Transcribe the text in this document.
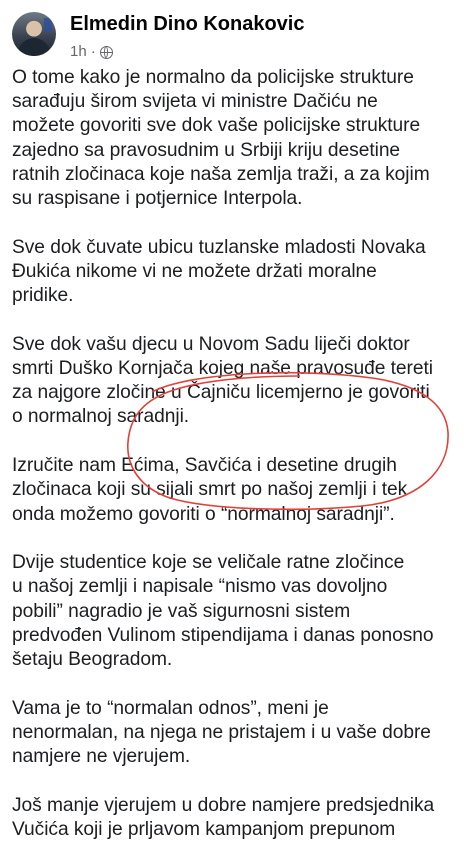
Elmedin Dino Konakovic
1h ·

O tome kako je normalno da policijske strukture
sarađuju širom svijeta vi ministre Dačiću ne
možete govoriti sve dok vaše policijske strukture
zajedno sa pravosudnim u Srbiji kriju desetine
ratnih zločinaca koje naša zemlja traži, a za kojim
su raspisane i potjernice Interpola.

Sve dok čuvate ubicu tuzlanske mladosti Novaka
Đukića nikome vi ne možete držati moralne
pridike.

Sve dok vašu djecu u Novom Sadu liječi doktor
smrti Duško Kornjača kojeg naše pravosuđe tereti
za najgore zločine u Čajniču licemjerno je govoriti
o normalnoj saradnji.

Izručite nam Ećima, Savčića i desetine drugih
zločinaca koji su sijali smrt po našoj zemlji i tek
onda možemo govoriti o “normalnoj saradnji”.

Dvije studentice koje se veličale ratne zločince
u našoj zemlji i napisale “nismo vas dovoljno
pobili” nagradio je vaš sigurnosni sistem
predvođen Vulinom stipendijama i danas ponosno
šetaju Beogradom.

Vama je to “normalan odnos”, meni je
nenormalan, na njega ne pristajem i u vaše dobre
namjere ne vjerujem.

Još manje vjerujem u dobre namjere predsjednika
Vučića koji je prljavom kampanjom prepunom
